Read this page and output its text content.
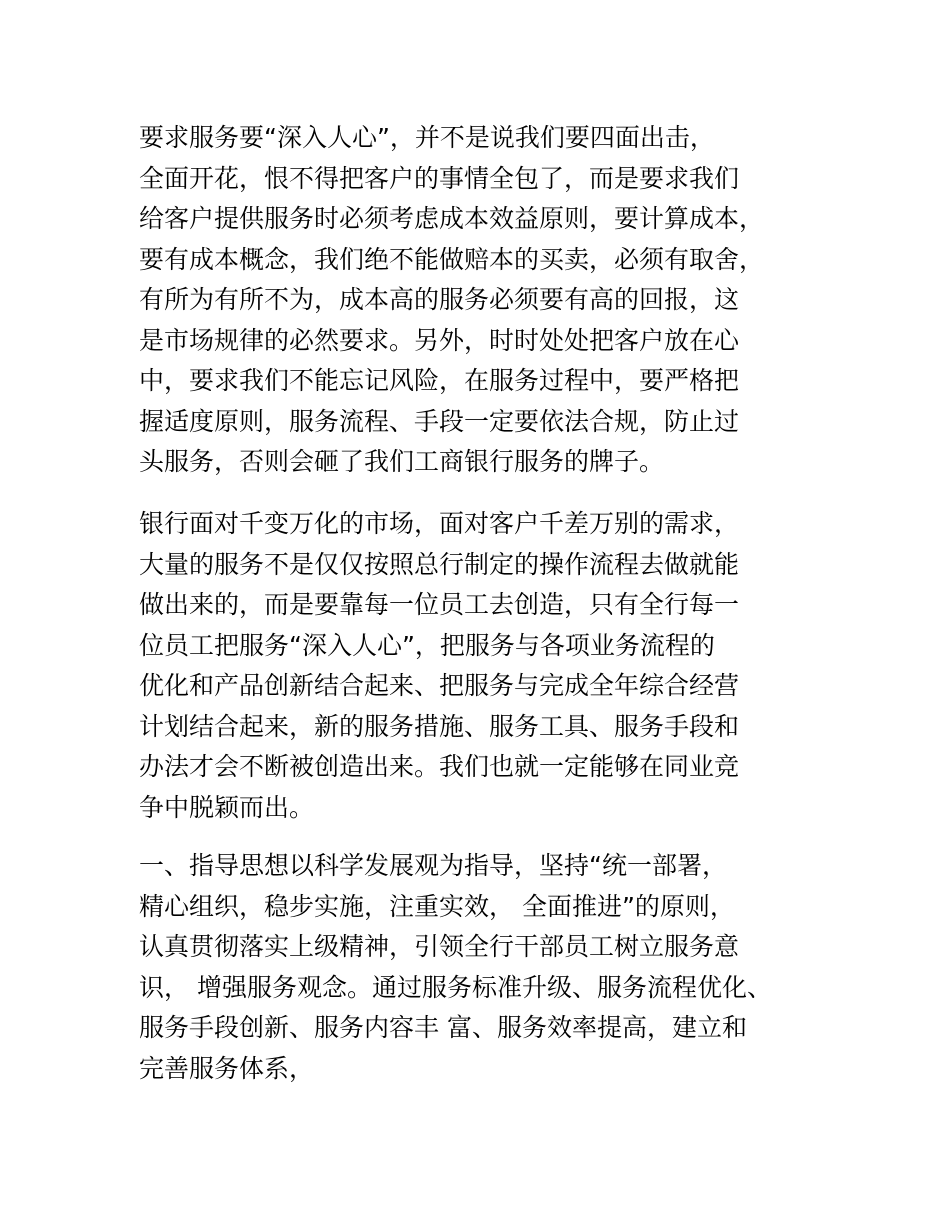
要求服务要“深入人心”，并不是说我们要四面出击，
全面开花，恨不得把客户的事情全包了，而是要求我们
给客户提供服务时必须考虑成本效益原则，要计算成本，
要有成本概念，我们绝不能做赔本的买卖，必须有取舍，
有所为有所不为，成本高的服务必须要有高的回报，这
是市场规律的必然要求。另外，时时处处把客户放在心
中，要求我们不能忘记风险，在服务过程中，要严格把
握适度原则，服务流程、手段一定要依法合规，防止过
头服务，否则会砸了我们工商银行服务的牌子。
银行面对千变万化的市场，面对客户千差万别的需求，
大量的服务不是仅仅按照总行制定的操作流程去做就能
做出来的，而是要靠每一位员工去创造，只有全行每一
位员工把服务“深入人心”，把服务与各项业务流程的
优化和产品创新结合起来、把服务与完成全年综合经营
计划结合起来，新的服务措施、服务工具、服务手段和
办法才会不断被创造出来。我们也就一定能够在同业竞
争中脱颖而出。
一、指导思想以科学发展观为指导，坚持“统一部署，
精心组织，稳步实施，注重实效， 全面推进”的原则，
认真贯彻落实上级精神，引领全行干部员工树立服务意
识， 增强服务观念。通过服务标准升级、服务流程优化、
服务手段创新、服务内容丰 富、服务效率提高，建立和
完善服务体系，
